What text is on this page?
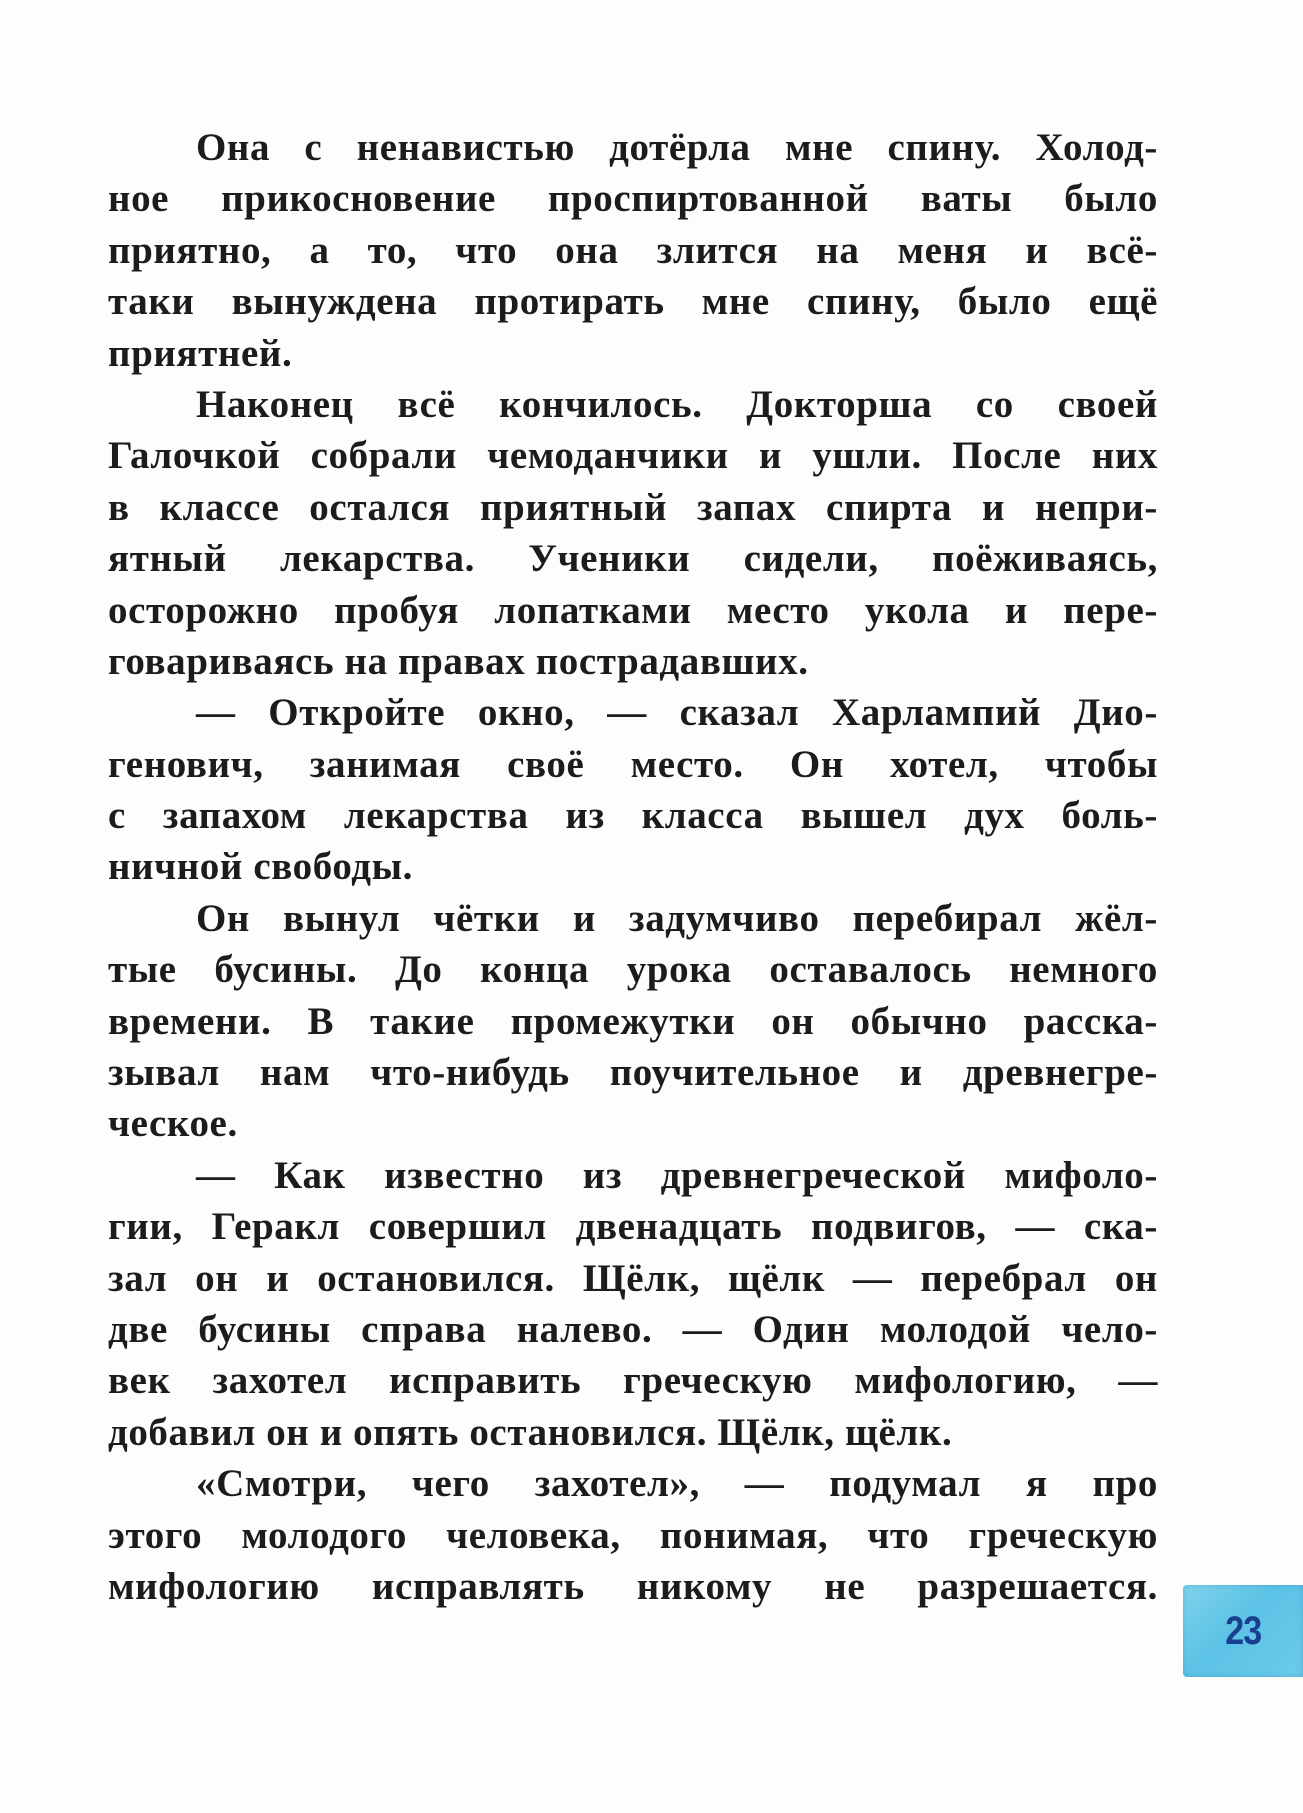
Она с ненавистью дотёрла мне спину. Холод-
ное прикосновение проспиртованной ваты было
приятно, а то, что она злится на меня и всё-
таки вынуждена протирать мне спину, было ещё
приятней.
Наконец всё кончилось. Докторша со своей
Галочкой собрали чемоданчики и ушли. После них
в классе остался приятный запах спирта и непри-
ятный лекарства. Ученики сидели, поёживаясь,
осторожно пробуя лопатками место укола и пере-
говариваясь на правах пострадавших.
— Откройте окно, — сказал Харлампий Дио-
генович, занимая своё место. Он хотел, чтобы
с запахом лекарства из класса вышел дух боль-
ничной свободы.
Он вынул чётки и задумчиво перебирал жёл-
тые бусины. До конца урока оставалось немного
времени. В такие промежутки он обычно расска-
зывал нам что-нибудь поучительное и древнегре-
ческое.
— Как известно из древнегреческой мифоло-
гии, Геракл совершил двенадцать подвигов, — ска-
зал он и остановился. Щёлк, щёлк — перебрал он
две бусины справа налево. — Один молодой чело-
век захотел исправить греческую мифологию, —
добавил он и опять остановился. Щёлк, щёлк.
«Смотри, чего захотел», — подумал я про
этого молодого человека, понимая, что греческую
мифологию исправлять никому не разрешается.
23
